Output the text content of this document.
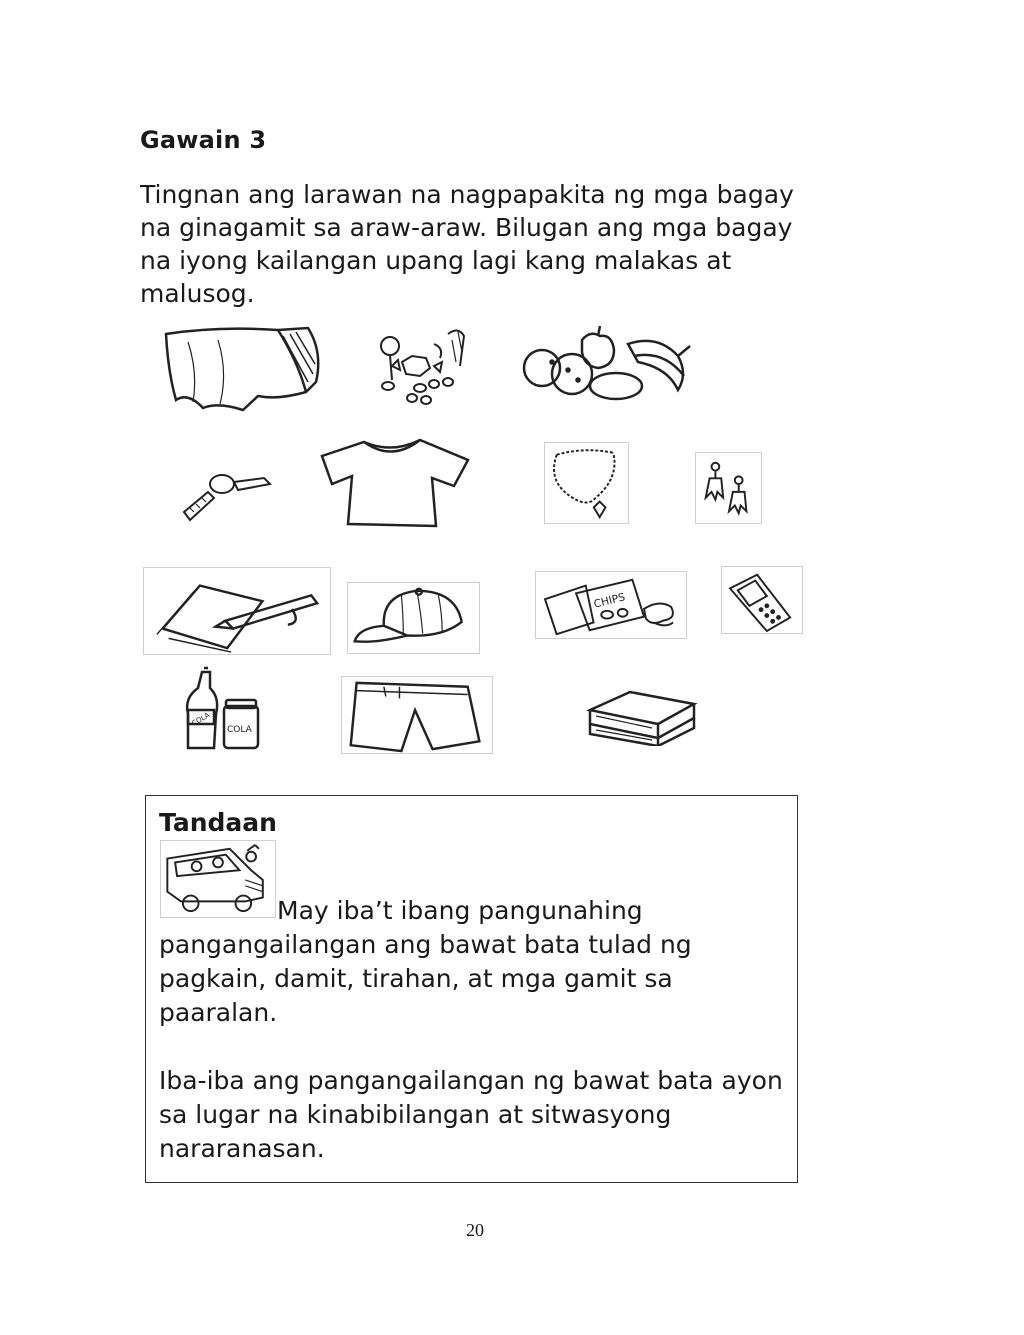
Gawain 3

Tingnan ang larawan na nagpapakita ng mga bagay na ginagamit sa araw-araw. Bilugan ang mga bagay na iyong kailangan upang lagi kang malakas at malusog.

CHIPS
COLA
COLA
Tandaan

May iba’t ibang pangunahing pangangailangan ang bawat bata tulad ng pagkain, damit, tirahan, at mga gamit sa paaralan.

Iba-iba ang pangangailangan ng bawat bata ayon sa lugar na kinabibilangan at sitwasyong nararanasan.

20
